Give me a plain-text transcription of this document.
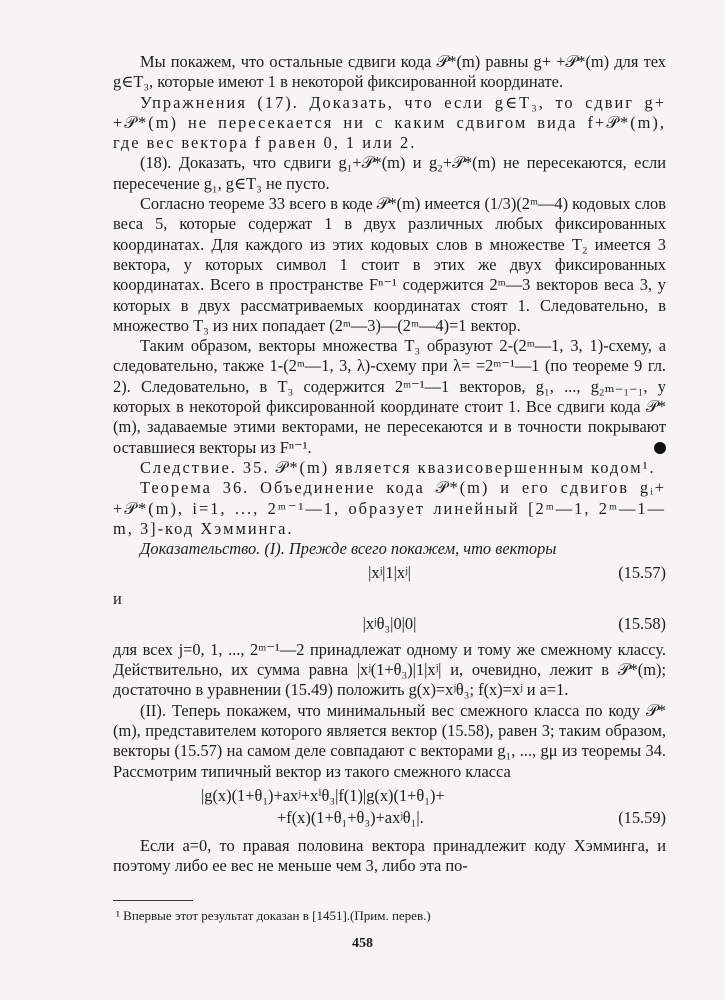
Мы покажем, что остальные сдвиги кода 𝒫*(m) равны g+ +𝒫*(m) для тех g∈T₃, которые имеют 1 в некоторой фиксированной координате.

Упражнения (17). Доказать, что если g∈T₃, то сдвиг g+ +𝒫*(m) не пересекается ни с каким сдвигом вида f+𝒫*(m), где вес вектора f равен 0, 1 или 2.

(18). Доказать, что сдвиги g₁+𝒫*(m) и g₂+𝒫*(m) не пересекаются, если пересечение g₁, g∈T₃ не пусто.

Согласно теореме 33 всего в коде 𝒫*(m) имеется (1/3)(2ᵐ—4) кодовых слов веса 5, которые содержат 1 в двух различных любых фиксированных координатах. Для каждого из этих кодовых слов в множестве T₂ имеется 3 вектора, у которых символ 1 стоит в этих же двух фиксированных координатах. Всего в пространстве Fⁿ⁻¹ содержится 2ᵐ—3 векторов веса 3, у которых в двух рассматриваемых координатах стоят 1. Следовательно, в множество T₃ из них попадает (2ᵐ—3)—(2ᵐ—4)=1 вектор.

Таким образом, векторы множества T₃ образуют 2-(2ᵐ—1, 3, 1)-схему, а следовательно, также 1-(2ᵐ—1, 3, λ)-схему при λ= =2ᵐ⁻¹—1 (по теореме 9 гл. 2). Следовательно, в T₃ содержится 2ᵐ⁻¹—1 векторов, g₁, ..., g₂ₘ₋₁₋₁, у которых в некоторой фиксированной координате стоит 1. Все сдвиги кода 𝒫*(m), задаваемые этими векторами, не пересекаются и в точности покрывают оставшиеся векторы из Fⁿ⁻¹.

Следствие. 35. 𝒫*(m) является квазисовершенным кодом¹.

Теорема 36. Объединение кода 𝒫*(m) и его сдвигов gᵢ+ +𝒫*(m), i=1, ..., 2ᵐ⁻¹—1, образует линейный [2ᵐ—1, 2ᵐ—1—m, 3]-код Хэмминга.

Доказательство. (I). Прежде всего покажем, что векторы

|xʲ|1|xʲ|	(15.57)

и

|xʲθ₃|0|0|	(15.58)

для всех j=0, 1, ..., 2ᵐ⁻¹—2 принадлежат одному и тому же смежному классу. Действительно, их сумма равна |xʲ(1+θ₃)|1|xʲ| и, очевидно, лежит в 𝒫*(m); достаточно в уравнении (15.49) положить g(x)=xʲθ₃; f(x)=xʲ и a=1.

(II). Теперь покажем, что минимальный вес смежного класса по коду 𝒫*(m), представителем которого является вектор (15.58), равен 3; таким образом, векторы (15.57) на самом деле совпадают с векторами g₁, ..., gμ из теоремы 34. Рассмотрим типичный вектор из такого смежного класса

|g(x)(1+θ₁)+axʲ+xⁱθ₃|f(1)|g(x)(1+θ₁)+
+f(x)(1+θ₁+θ₃)+axʲθ₁|.	(15.59)

Если a=0, то правая половина вектора принадлежит коду Хэмминга, и поэтому либо ее вес не меньше чем 3, либо эта по-

¹ Впервые этот результат доказан в [1451].(Прим. перев.)
458
